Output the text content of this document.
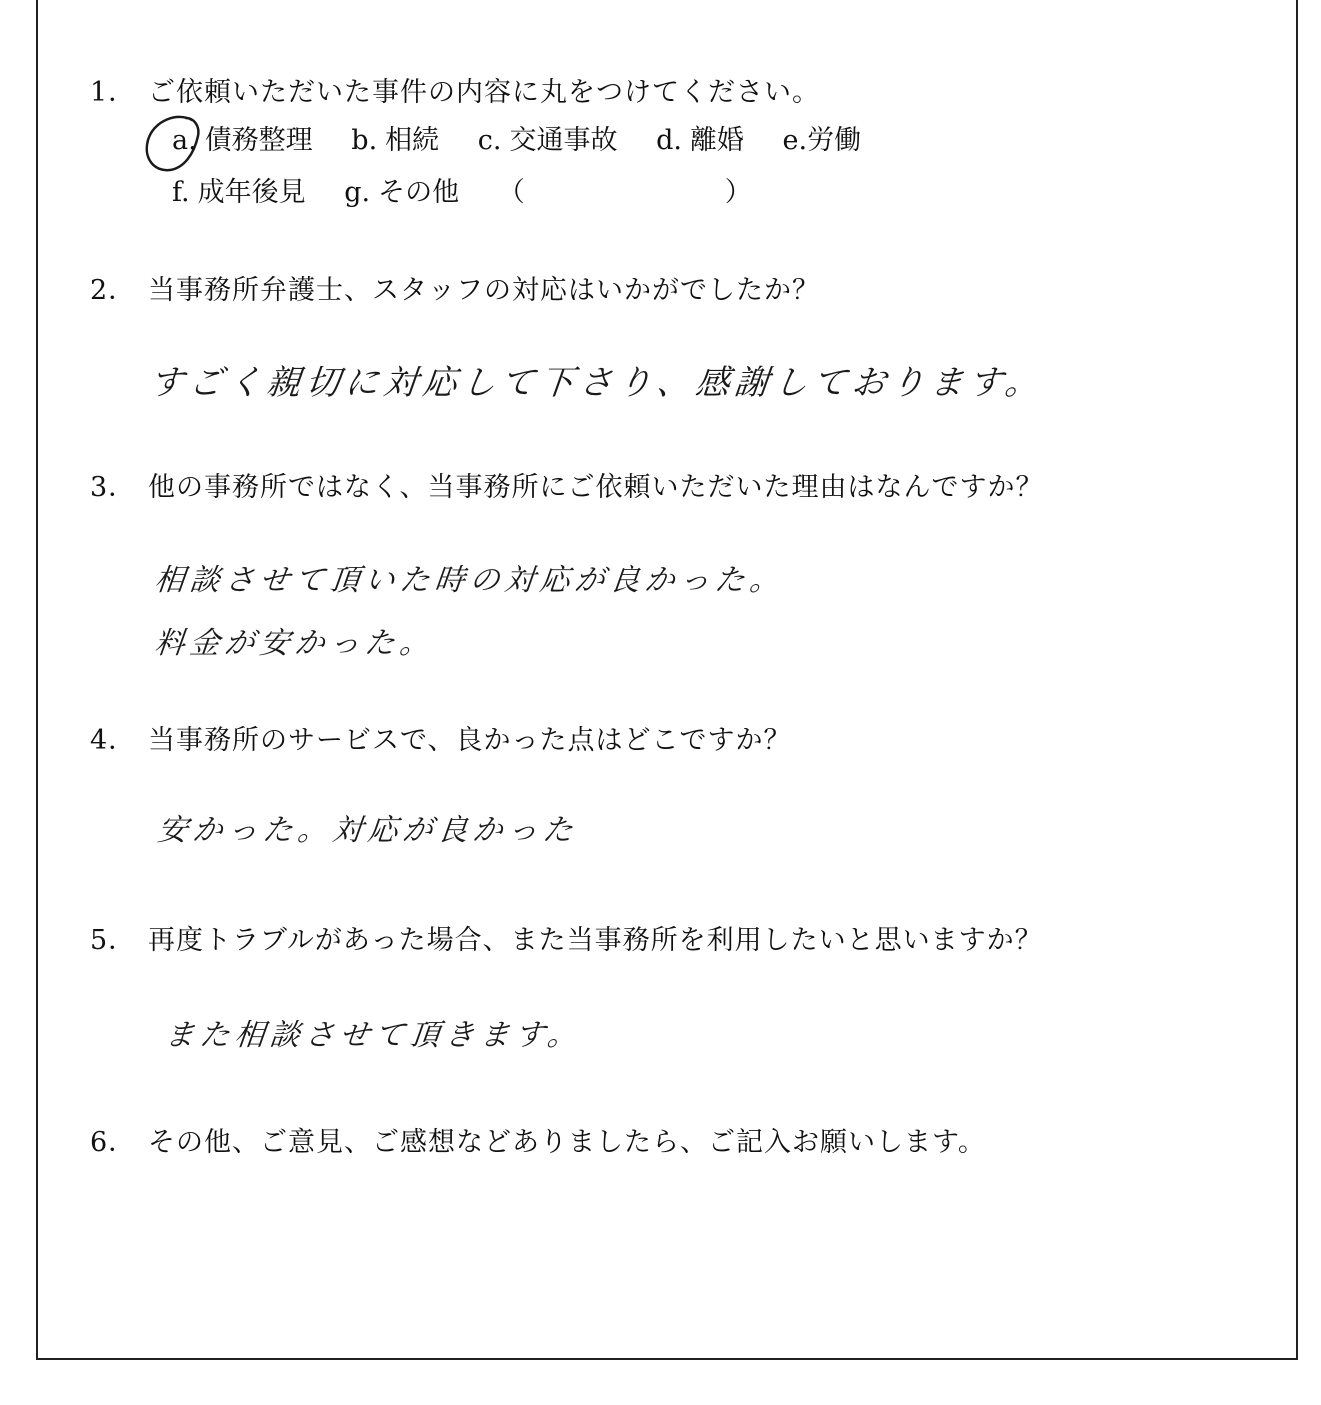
1． ご依頼いただいた事件の内容に丸をつけてください。
a. 債務整理 b. 相続 c. 交通事故 d. 離婚 e.労働
f. 成年後見 g. その他 （	）
2． 当事務所弁護士、スタッフの対応はいかがでしたか？
すごく親切に対応して下さり、感謝しております。
3． 他の事務所ではなく、当事務所にご依頼いただいた理由はなんですか？
相談させて頂いた時の対応が良かった。
料金が安かった。
4． 当事務所のサービスで、良かった点はどこですか？
安かった。対応が良かった
5． 再度トラブルがあった場合、また当事務所を利用したいと思いますか？
また相談させて頂きます。
6． その他、ご意見、ご感想などありましたら、ご記入お願いします。
